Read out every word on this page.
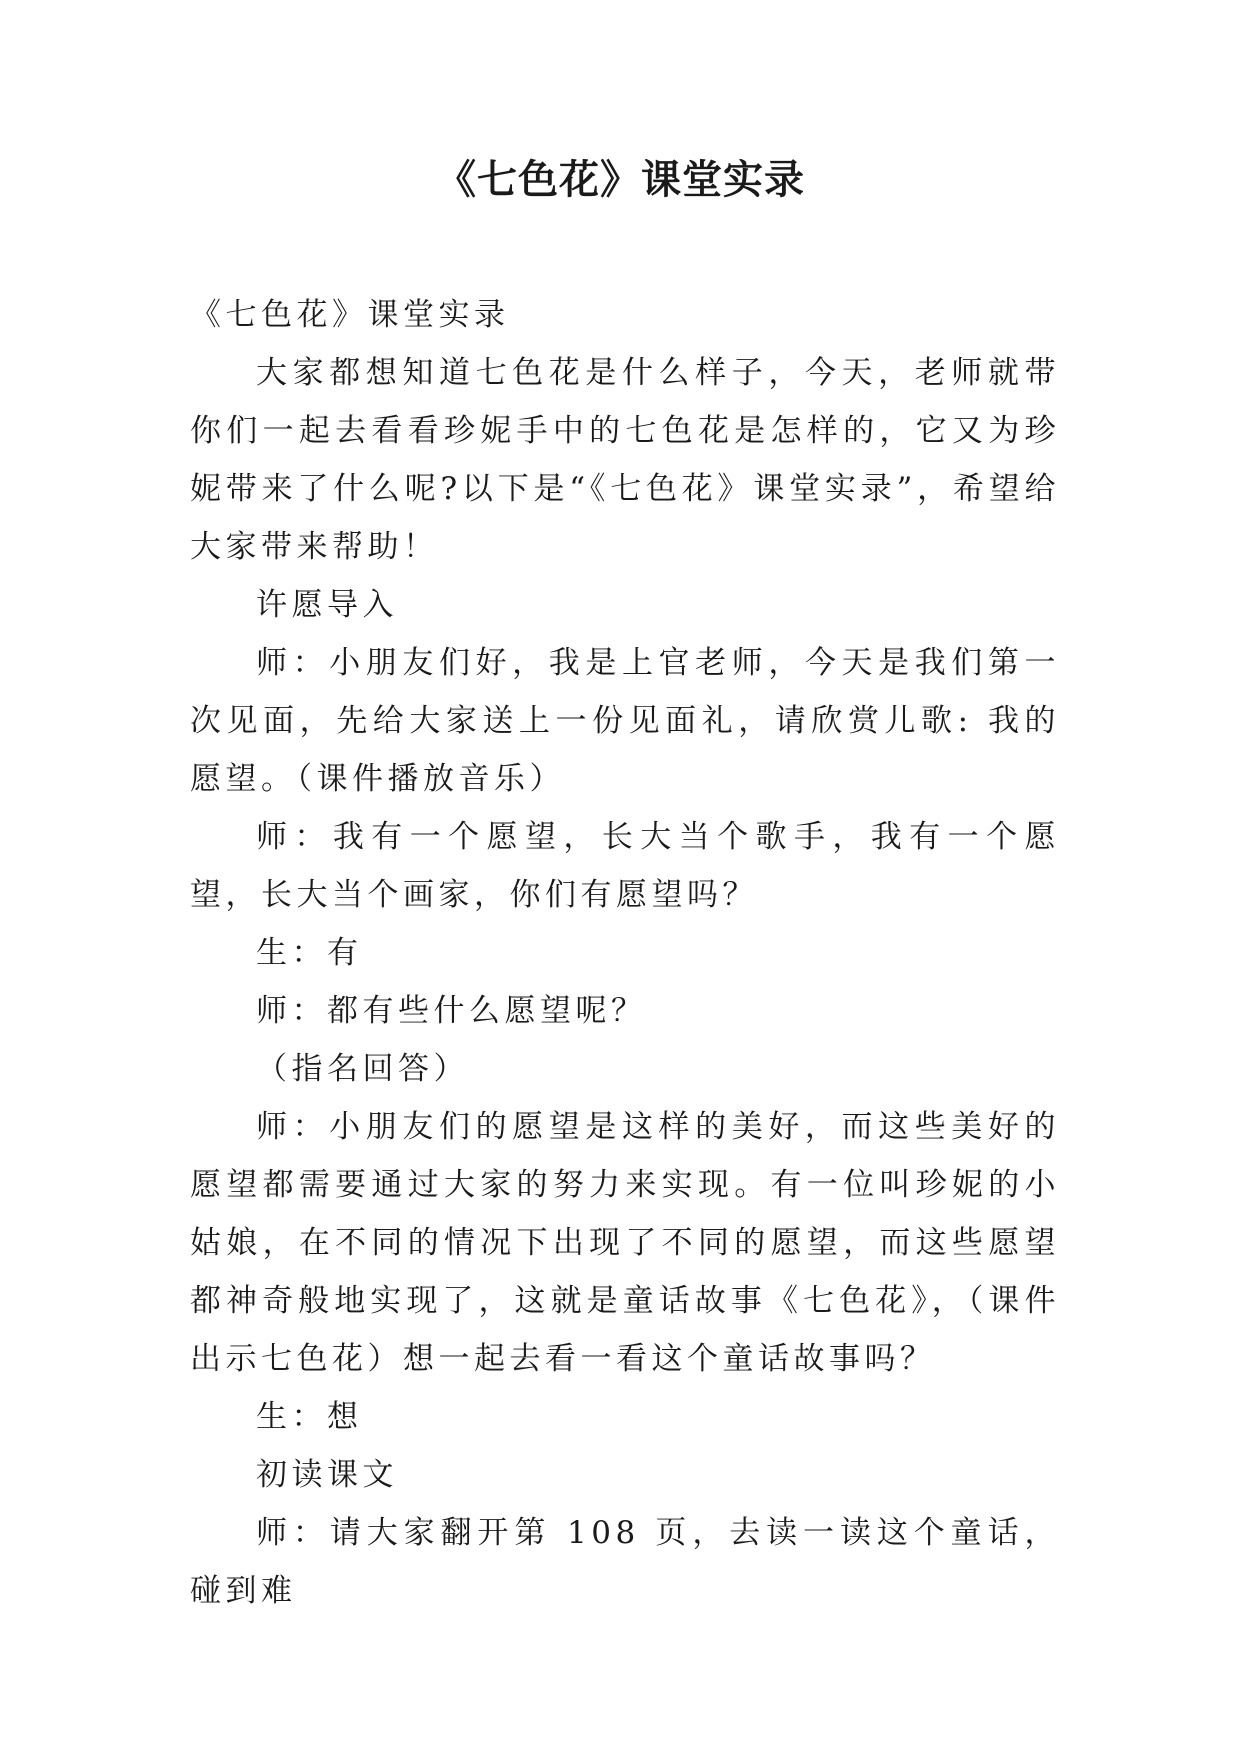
《七色花》课堂实录

《七色花》课堂实录

大家都想知道七色花是什么样子，今天，老师就带你们一起去看看珍妮手中的七色花是怎样的，它又为珍妮带来了什么呢?以下是“《七色花》课堂实录”，希望给大家带来帮助！

许愿导入

师：小朋友们好，我是上官老师，今天是我们第一次见面，先给大家送上一份见面礼，请欣赏儿歌: 我的愿望。（课件播放音乐）

师：我有一个愿望，长大当个歌手，我有一个愿望，长大当个画家，你们有愿望吗？

生：有

师：都有些什么愿望呢？

（指名回答）

师：小朋友们的愿望是这样的美好，而这些美好的愿望都需要通过大家的努力来实现。有一位叫珍妮的小姑娘，在不同的情况下出现了不同的愿望，而这些愿望都神奇般地实现了，这就是童话故事《七色花》，（课件出示七色花）想一起去看一看这个童话故事吗？

生：想

初读课文

师：请大家翻开第 108 页，去读一读这个童话，碰到难
